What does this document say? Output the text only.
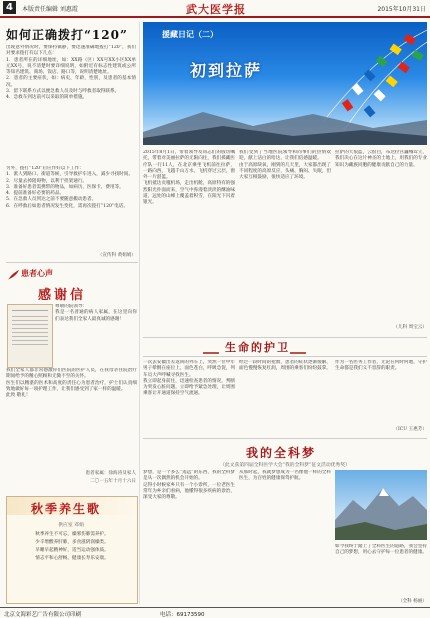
4	本版责任编辑 刘惠霞	武大医学报	2015年10月31日
如何正确拨打“120”
出现意外情况时，要保持镇静，要迅速准确地拨打“120”，我们对要求拨打有以下几点：
1．患者所在的详细地址，如：XX路（区）XX号XX小区XX单元XX号，说不清楚时要详细说明，如附近有标志性建筑或公所等知名建筑、商场、饭店、路口等，说明清楚地址。
2．患者的主要症状，如：病史，年龄，性别，及患者的基本情况。
3．留下联系方式以便急救人员及时与呼救者取得联系。
4．急救车到达前可以采取的简单措施。
另外，拨打“120”后应作好以下工作：
1．派人到路口、街道等候，引导救护车进入，减少寻找时间。
2．尽量去掉阻碍物，以利于担架通行。
3．准备好患者需携带的物品，如病历、医保卡、费用等。
4．提前准备好必要的药品。
5．在急救人员到达之前不要随意搬动患者。
6．在呼救后如患者情况发生变化，需再次拨打“120”电话。
（宣传科 黄娟娟）
患者心声
感谢信
尊敬的院领导：
我是一名普通的病人家属，在这里向你们表达我们全家人最真诚的感谢！
我们全家人都非常感激你们医院的医护人员，在我母亲住院治疗期间给予的精心照顾和无微不至的关怀。
医生们以精湛的医术和高度的责任心为患者治疗，护士们认真细致地做好每一项护理工作，让我们感受到了家一样的温暖。
此致 敬礼！
患者家属：徐海涛及家人
二〇一五年十月十六日
秋季养生歌
供应室 邓娟
秋季养生不可忘，燥邪伤肺需养护。
少辛增酸养肝肺，多食滋阴润燥类。
早睡早起精神好，适当运动强体质。
情志平和心舒畅，健康长寿乐安康。
援藏日记（二）
初到拉萨
2015年8月1日，带着领导及同志们的殷切嘱托，带着对美丽拉萨的无限向往，我们援藏医疗队一行11人，在北京乘坐飞机前往拉萨，一路向西，飞越千山万水，飞机穿过云层，窗外一片湛蓝。
飞机抵达贡嘎机场，走出机舱，高原特有的强烈阳光扑面而来，空气中弥漫着淡淡的酥油味道，远处的山峰上覆盖着积雪，在阳光下闪着银光。
我们受到了当地医院领导和同事们的热情欢迎，献上洁白的哈达，让我们倍感温暖。
由于高原缺氧，刚到的几天里，大家都出现了不同程度的高原反应，头痛、胸闷、失眠，但大家互相鼓励，很快适应了环境。
拉萨的天很蓝，云很白，布达拉宫巍峨耸立，我们决心在这片神圣的土地上，用我们的专业知识为藏族同胞的健康贡献自己的力量。
（儿科 周宝云）
生命的护卫
一次去安徽出差返回的列车上，突然一位中年男子晕倒在座位上，面色苍白，呼吸急促，列车员大声呼喊寻找医生。
我立即起身前往，迅速检查患者的情况，判断为突发心脏问题，立即给予紧急处理，让周围乘客让开通道保持空气流通。
经过一段时间的抢救，患者的症状逐渐缓解，面色慢慢恢复红润，周围的乘客们纷纷鼓掌。
作为一名医务工作者，无论在何时何地，守护生命都是我们义不容辞的职责。
（ICU 王惠芳）
我的全科梦
（此文获第四届全科医学大会“我的全科梦”征文活动优秀奖）
梦想，是一个多么“遥远”的东西，我的全科梦是从一次偶然的机会开始的。
记得小时候家乡只有一个小诊所，一位老医生常年为乡亲们看病，他懂得很多疾病的诊治，深受大家的尊敬。
从那时起，我就梦想成为一名像他一样的全科医生，为百姓的健康保驾护航。
如今我终于踏上了全科医生的道路，我会坚持自己的梦想，用心去守护每一位患者的健康。
（全科 杨丽）
北京文海彩艺广告有限公司印刷	电话：69173590
